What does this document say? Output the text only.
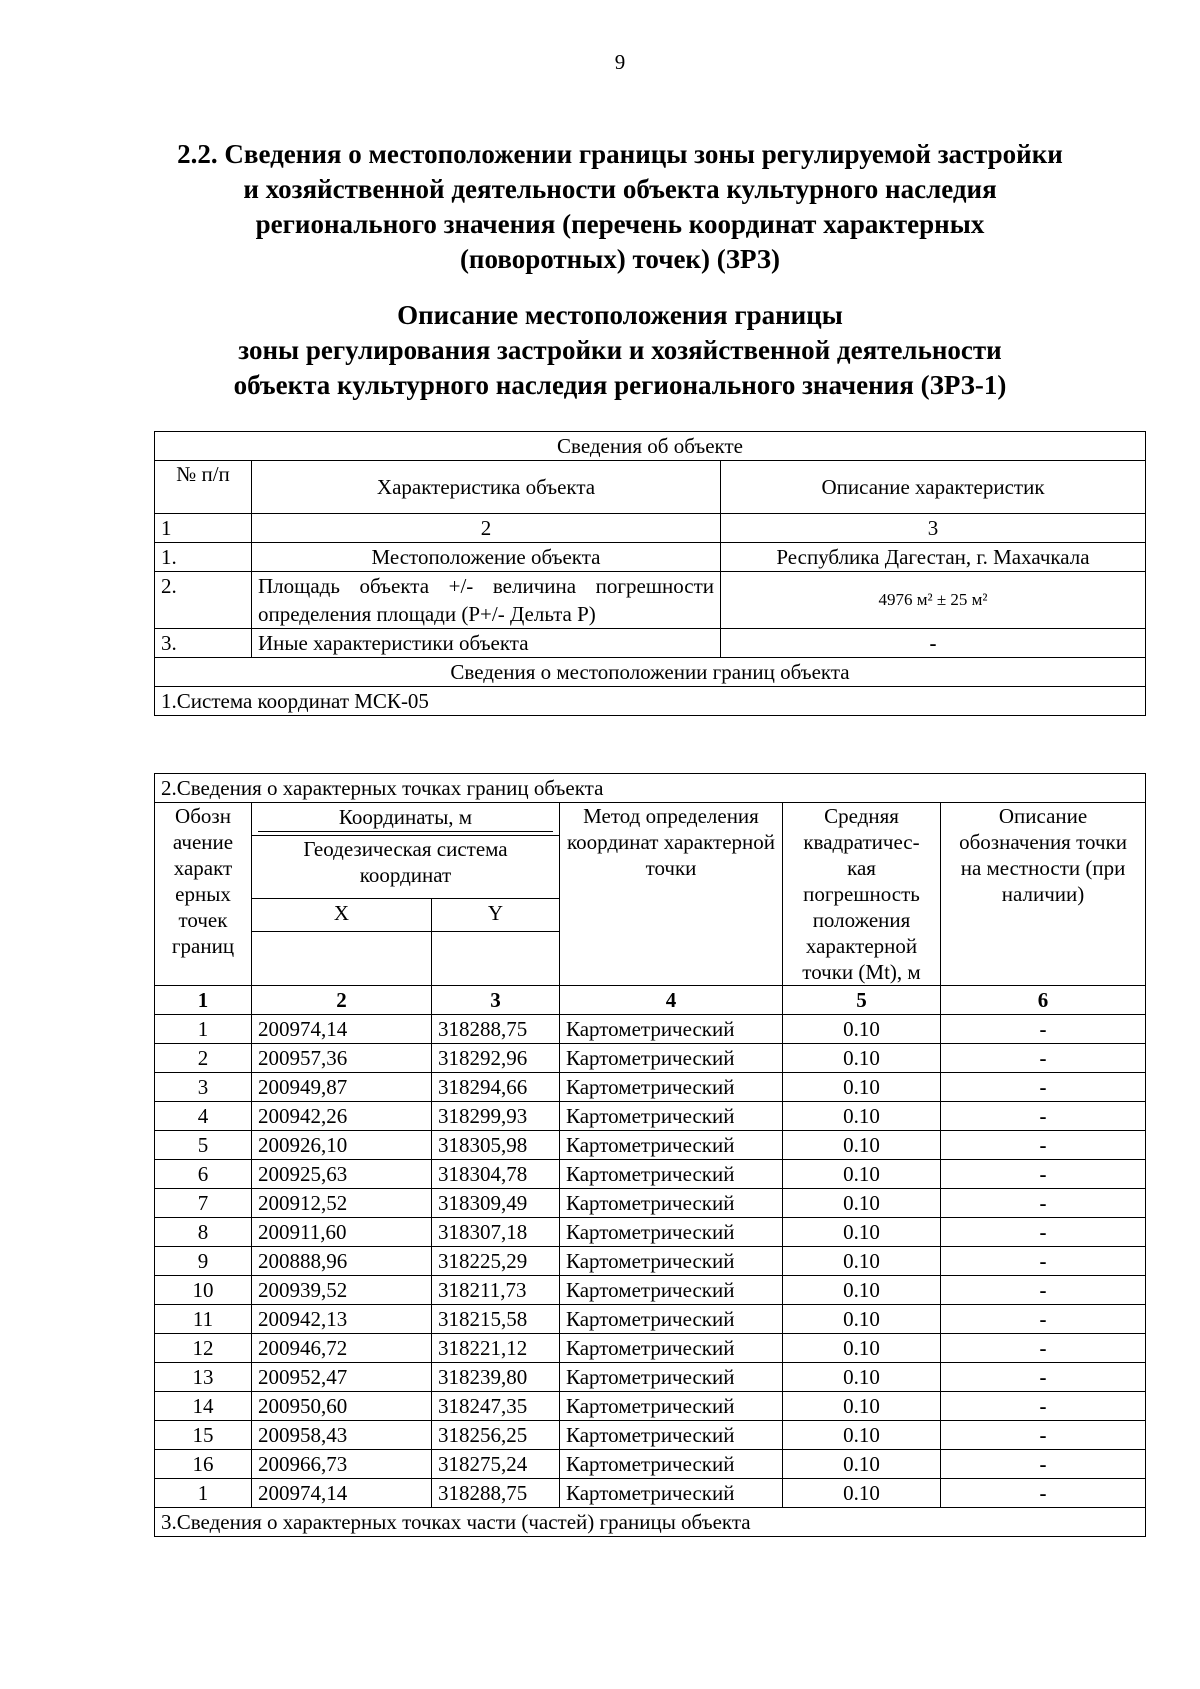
9
2.2. Сведения о местоположении границы зоны регулируемой застройки
и хозяйственной деятельности объекта культурного наследия
регионального значения (перечень координат характерных
(поворотных) точек) (ЗРЗ)
Описание местоположения границы
зоны регулирования застройки и хозяйственной деятельности
объекта культурного наследия регионального значения (ЗРЗ-1)
Сведения об объекте		
№ п/п	Характеристика объекта	Описание характеристик
1	2	3
1.	Местоположение объекта	Республика Дагестан, г. Махачкала
2.	Площадь объекта +/- величина погрешности определения площади (P+/- Дельта P)	4976 м² ± 25 м²
3.	Иные характеристики объекта	-
Сведения о местоположении границ объекта		
1.Система координат МСК-05		
2.Сведения о характерных точках границ объекта					
Обозн ачение характ ерных точек границ	Координаты, м		Метод определения координат характерной точки	Средняя квадратичес- кая погрешность положения характерной точки (Mt), м	Описание обозначения точки на местности (при наличии)
	Геодезическая система координат				
	X	Y			

1	2	3	4	5	6
1	200974,14	318288,75	Картометрический	0.10	-
2	200957,36	318292,96	Картометрический	0.10	-
3	200949,87	318294,66	Картометрический	0.10	-
4	200942,26	318299,93	Картометрический	0.10	-
5	200926,10	318305,98	Картометрический	0.10	-
6	200925,63	318304,78	Картометрический	0.10	-
7	200912,52	318309,49	Картометрический	0.10	-
8	200911,60	318307,18	Картометрический	0.10	-
9	200888,96	318225,29	Картометрический	0.10	-
10	200939,52	318211,73	Картометрический	0.10	-
11	200942,13	318215,58	Картометрический	0.10	-
12	200946,72	318221,12	Картометрический	0.10	-
13	200952,47	318239,80	Картометрический	0.10	-
14	200950,60	318247,35	Картометрический	0.10	-
15	200958,43	318256,25	Картометрический	0.10	-
16	200966,73	318275,24	Картометрический	0.10	-
1	200974,14	318288,75	Картометрический	0.10	-
3.Сведения о характерных точках части (частей) границы объекта					
